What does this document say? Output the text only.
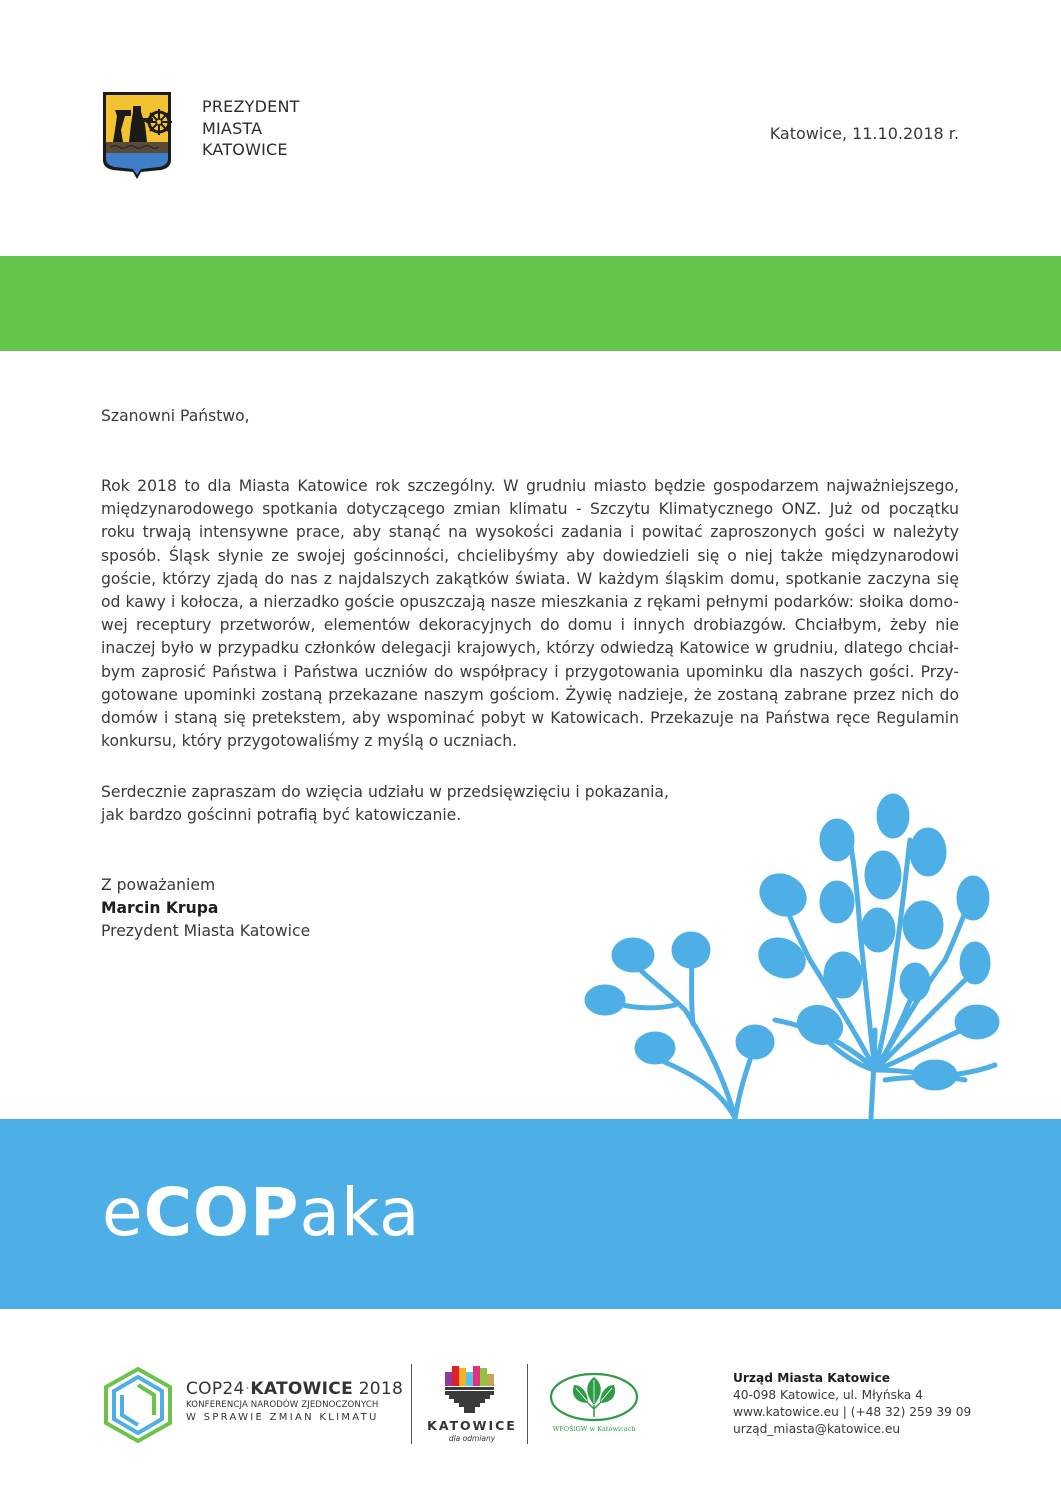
PREZYDENT
MIASTA
KATOWICE
Katowice, 11.10.2018 r.
Szanowni Państwo,
Rok 2018 to dla Miasta Katowice rok szczególny. W grudniu miasto będzie gospodarzem najważniejszego,
międzynarodowego spotkania dotyczącego zmian klimatu - Szczytu Klimatycznego ONZ. Już od początku
roku trwają intensywne prace, aby stanąć na wysokości zadania i powitać zaproszonych gości w należyty
sposób. Śląsk słynie ze swojej gościnności, chcielibyśmy aby dowiedzieli się o niej także międzynarodowi
goście, którzy zjadą do nas z najdalszych zakątków świata. W każdym śląskim domu, spotkanie zaczyna się
od kawy i kołocza, a nierzadko goście opuszczają nasze mieszkania z rękami pełnymi podarków: słoika domo-
wej receptury przetworów, elementów dekoracyjnych do domu i innych drobiazgów. Chciałbym, żeby nie
inaczej było w przypadku członków delegacji krajowych, którzy odwiedzą Katowice w grudniu, dlatego chciał-
bym zaprosić Państwa i Państwa uczniów do współpracy i przygotowania upominku dla naszych gości. Przy-
gotowane upominki zostaną przekazane naszym gościom. Żywię nadzieje, że zostaną zabrane przez nich do
domów i staną się pretekstem, aby wspominać pobyt w Katowicach. Przekazuje na Państwa ręce Regulamin
konkursu, który przygotowaliśmy z myślą o uczniach.
Serdecznie zapraszam do wzięcia udziału w przedsięwzięciu i pokazania,
jak bardzo gościnni potrafią być katowiczanie.
Z poważaniem
Marcin Krupa
Prezydent Miasta Katowice
eCOPaka
COP24·KATOWICE 2018
KONFERENCJA NARODÓW ZJEDNOCZONYCH
W SPRAWIE ZMIAN KLIMATU
KATOWICE
dla odmiany
WFOŚiGW w Katowicach
Urząd Miasta Katowice
40-098 Katowice, ul. Młyńska 4
www.katowice.eu | (+48 32) 259 39 09
urząd_miasta@katowice.eu
